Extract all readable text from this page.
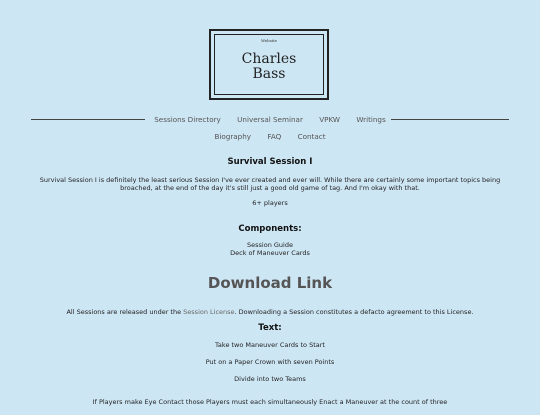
Website
Charles
Bass
Sessions Directory Universal Seminar VPKW Writings
Biography FAQ Contact
Survival Session I
Survival Session I is definitely the least serious Session I've ever created and ever will. While there are certainly some important topics being broached, at the end of the day it's still just a good old game of tag. And I'm okay with that.
6+ players
Components:
Session Guide
Deck of Maneuver Cards
Download Link
All Sessions are released under the Session License. Downloading a Session constitutes a defacto agreement to this License.
Text:
Take two Maneuver Cards to Start
Put on a Paper Crown with seven Points
Divide into two Teams
If Players make Eye Contact those Players must each simultaneously Enact a Maneuver at the count of three
